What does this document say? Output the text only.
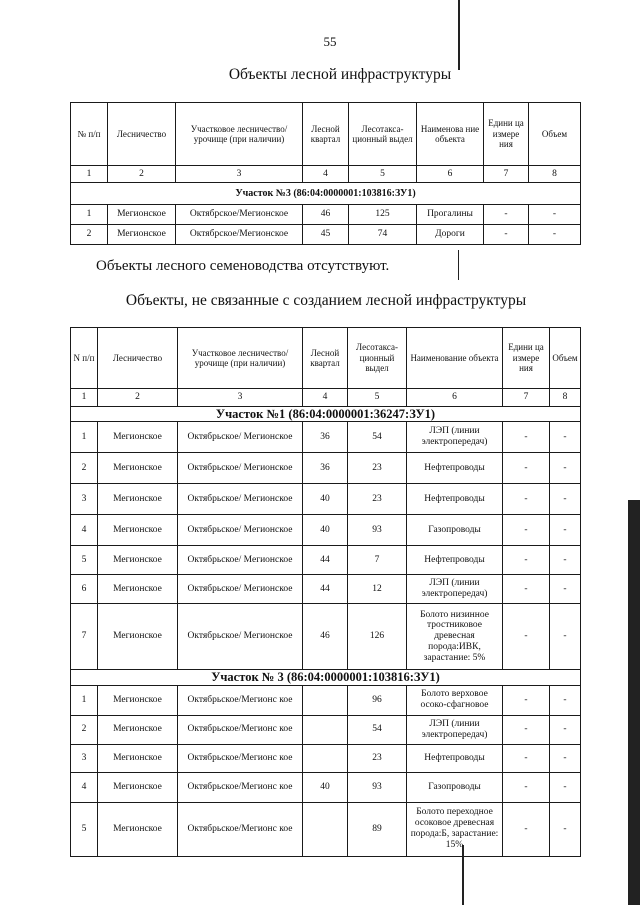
55
Объекты лесной инфраструктуры
№ п/п	Лесничество	Участковое лесничество/урочище (при наличии)	Лесной квартал	Лесотакса-ционный выдел	Наименова ние объекта	Едини ца измере ния	Объем
1	2	3	4	5	6	7	8
Участок №3 (86:04:0000001:103816:ЗУ1)							
1	Мегионское	Октябрское/Мегионское	46	125	Прогалины	-	-
2	Мегионское	Октябрское/Мегионское	45	74	Дороги	-	-
Объекты лесного семеноводства отсутствуют.
Объекты, не связанные с созданием лесной инфраструктуры
N п/п	Лесничество	Участковое лесничество/урочище (при наличии)	Лесной квартал	Лесотакса-ционный выдел	Наименование объекта	Едини ца измере ния	Объем
1	2	3	4	5	6	7	8
Участок №1 (86:04:0000001:36247:ЗУ1)							
1	Мегионское	Октябрьское/ Мегионское	36	54	ЛЭП (линии электропередач)	-	-
2	Мегионское	Октябрьское/ Мегионское	36	23	Нефтепроводы	-	-
3	Мегионское	Октябрьское/ Мегионское	40	23	Нефтепроводы	-	-
4	Мегионское	Октябрьское/ Мегионское	40	93	Газопроводы	-	-
5	Мегионское	Октябрьское/ Мегионское	44	7	Нефтепроводы	-	-
6	Мегионское	Октябрьское/ Мегионское	44	12	ЛЭП (линии электропередач)	-	-
7	Мегионское	Октябрьское/ Мегионское	46	126	Болото низинное тростниковое древесная порода:ИВК, зарастание: 5%	-	-
Участок № 3 (86:04:0000001:103816:ЗУ1)							
1	Мегионское	Октябрьское/Мегионс кое		96	Болото верховое осоко-сфагновое	-	-
2	Мегионское	Октябрьское/Мегионс кое		54	ЛЭП (линии электропередач)	-	-
3	Мегионское	Октябрьское/Мегионс кое		23	Нефтепроводы	-	-
4	Мегионское	Октябрьское/Мегионс кое	40	93	Газопроводы	-	-
5	Мегионское	Октябрьское/Мегионс кое		89	Болото переходное осоковое древесная порода:Б, зарастание: 15%	-	-
